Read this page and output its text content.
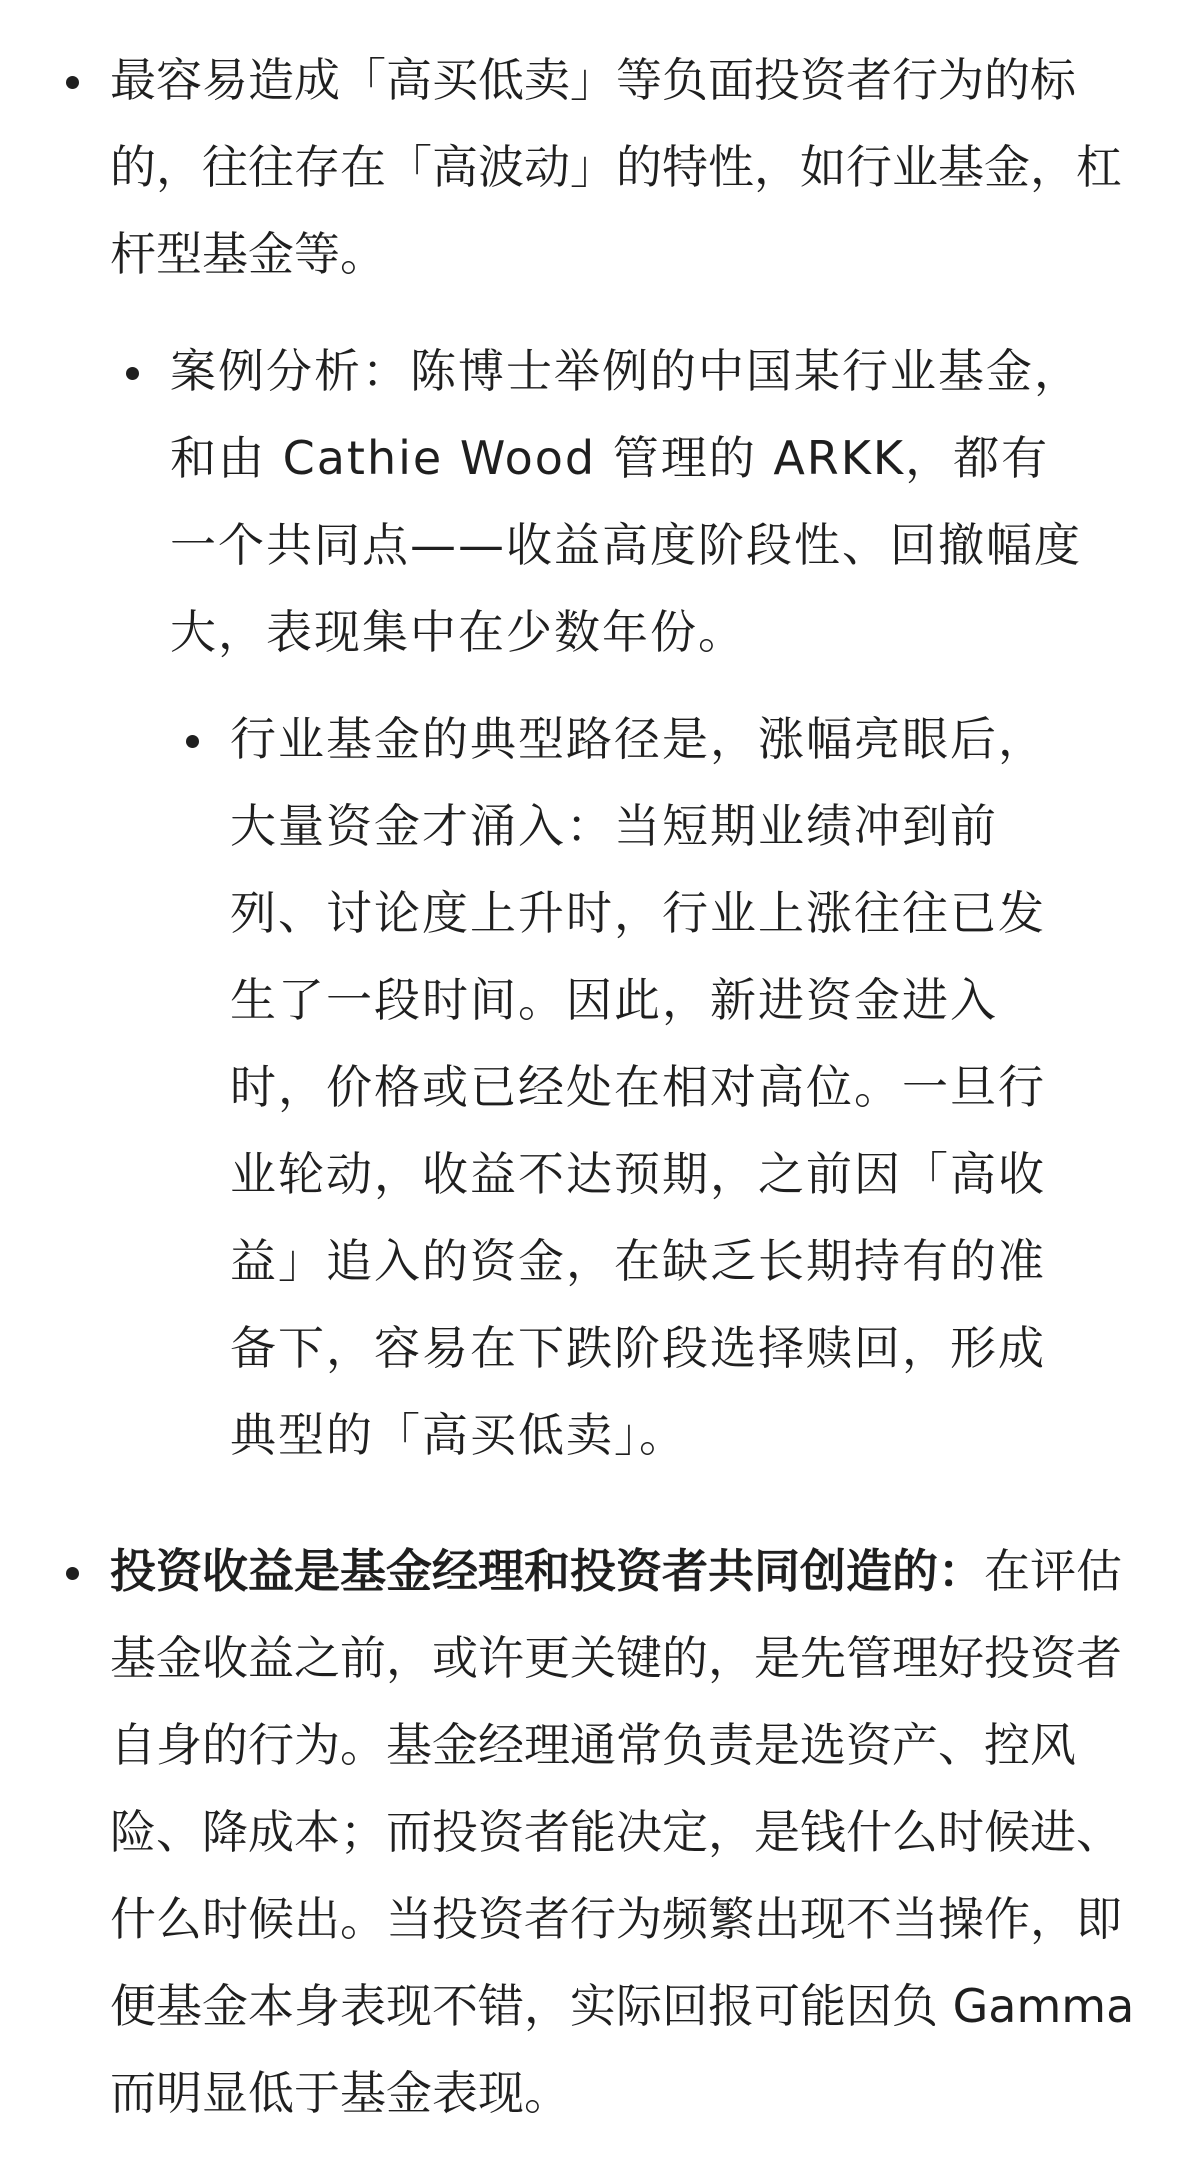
最容易造成「高买低卖」等负面投资者行为的标的，往往存在「高波动」的特性，如行业基金，杠杆型基金等。

案例分析：陈博士举例的中国某行业基金，和由 Cathie Wood 管理的 ARKK，都有一个共同点——收益高度阶段性、回撤幅度大，表现集中在少数年份。

行业基金的典型路径是，涨幅亮眼后，大量资金才涌入：当短期业绩冲到前列、讨论度上升时，行业上涨往往已发生了一段时间。因此，新进资金进入时，价格或已经处在相对高位。一旦行业轮动，收益不达预期，之前因「高收益」追入的资金，在缺乏长期持有的准备下，容易在下跌阶段选择赎回，形成典型的「高买低卖」。

投资收益是基金经理和投资者共同创造的：在评估基金收益之前，或许更关键的，是先管理好投资者自身的行为。基金经理通常负责是选资产、控风险、降成本；而投资者能决定，是钱什么时候进、什么时候出。当投资者行为频繁出现不当操作，即便基金本身表现不错，实际回报可能因负 Gamma 而明显低于基金表现。
